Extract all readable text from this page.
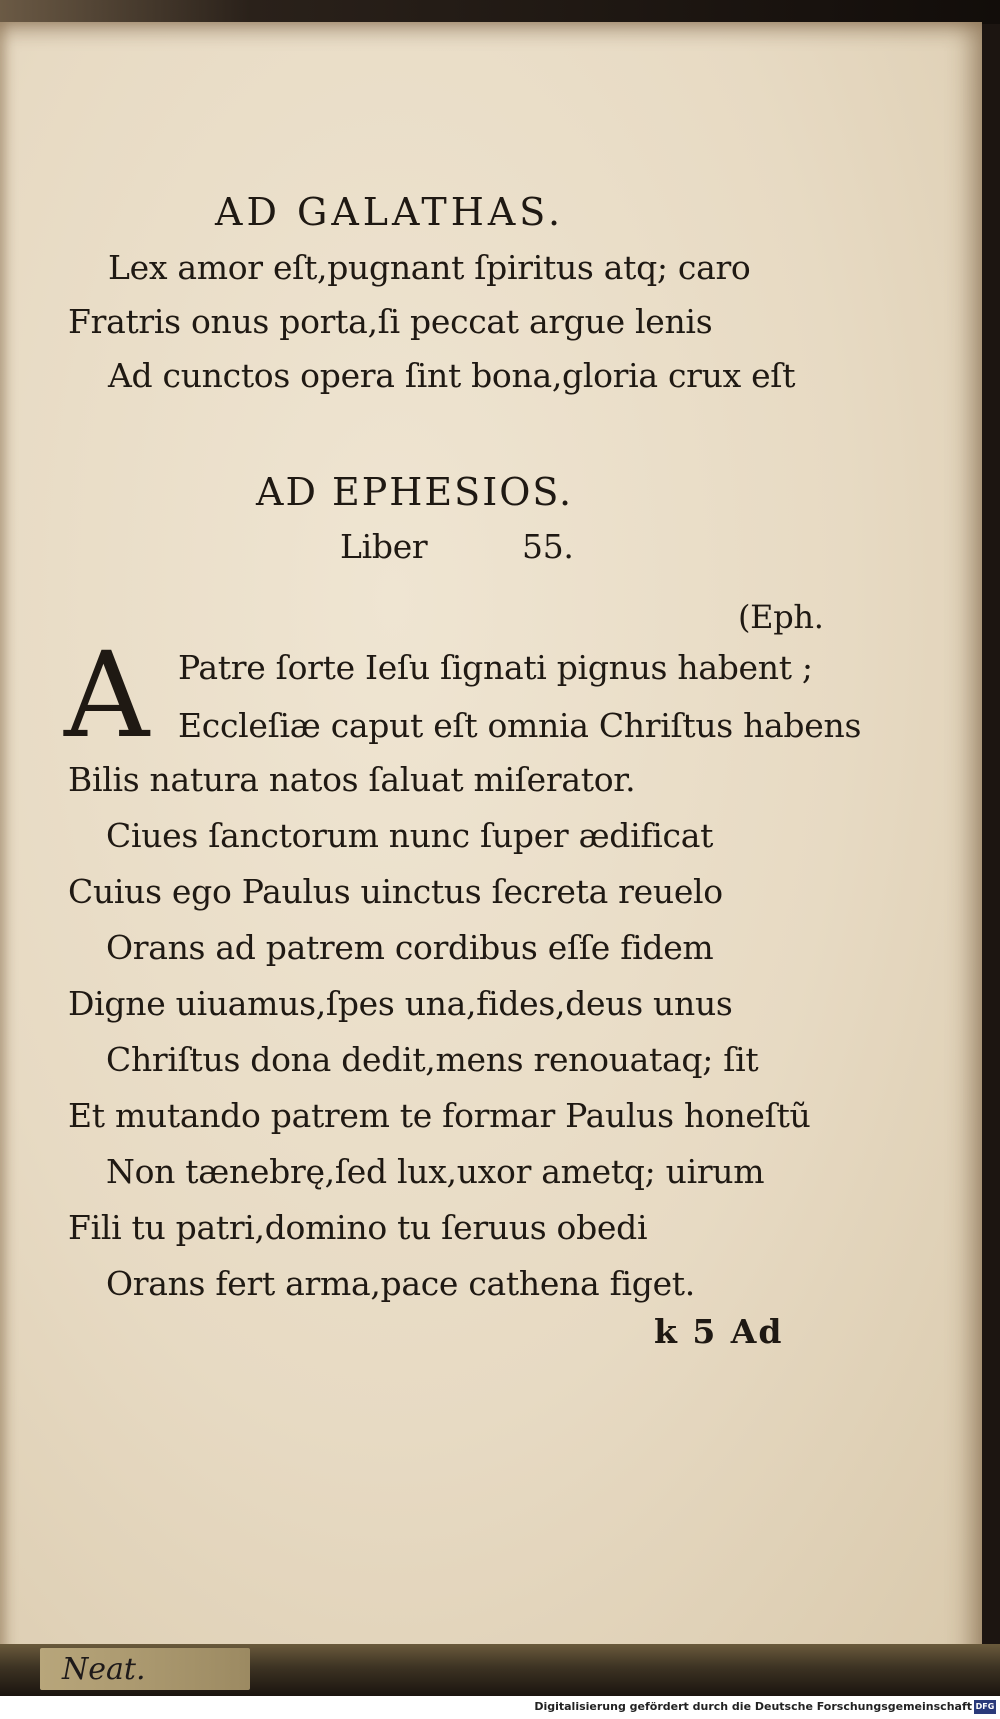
AD GALATHAS.
Lex amor eſt,pugnant ſpiritus atq; caro
Fratris onus porta,ſi peccat argue lenis
Ad cunctos opera ſint bona,gloria crux eſt
AD EPHESIOS.
Liber	55.
(Eph.
A Patre ſorte Ieſu ſignati pignus habent ;
Eccleſiæ caput eſt omnia Chriſtus habens
Bilis natura natos ſaluat miſerator.
Ciues ſanctorum nunc ſuper ædificat
Cuius ego Paulus uinctus ſecreta reuelo
Orans ad patrem cordibus eſſe fidem
Digne uiuamus,ſpes una,fides,deus unus
Chriſtus dona dedit,mens renouataq; ſit
Et mutando patrem te formar Paulus honeſtũ
Non tænebrę,ſed lux,uxor ametq; uirum
Fili tu patri,domino tu ſeruus obedi
Orans fert arma,pace cathena figet.
k 5 Ad
Neat.
Digitalisierung gefördert durch die Deutsche Forschungsgemeinschaft DFG
